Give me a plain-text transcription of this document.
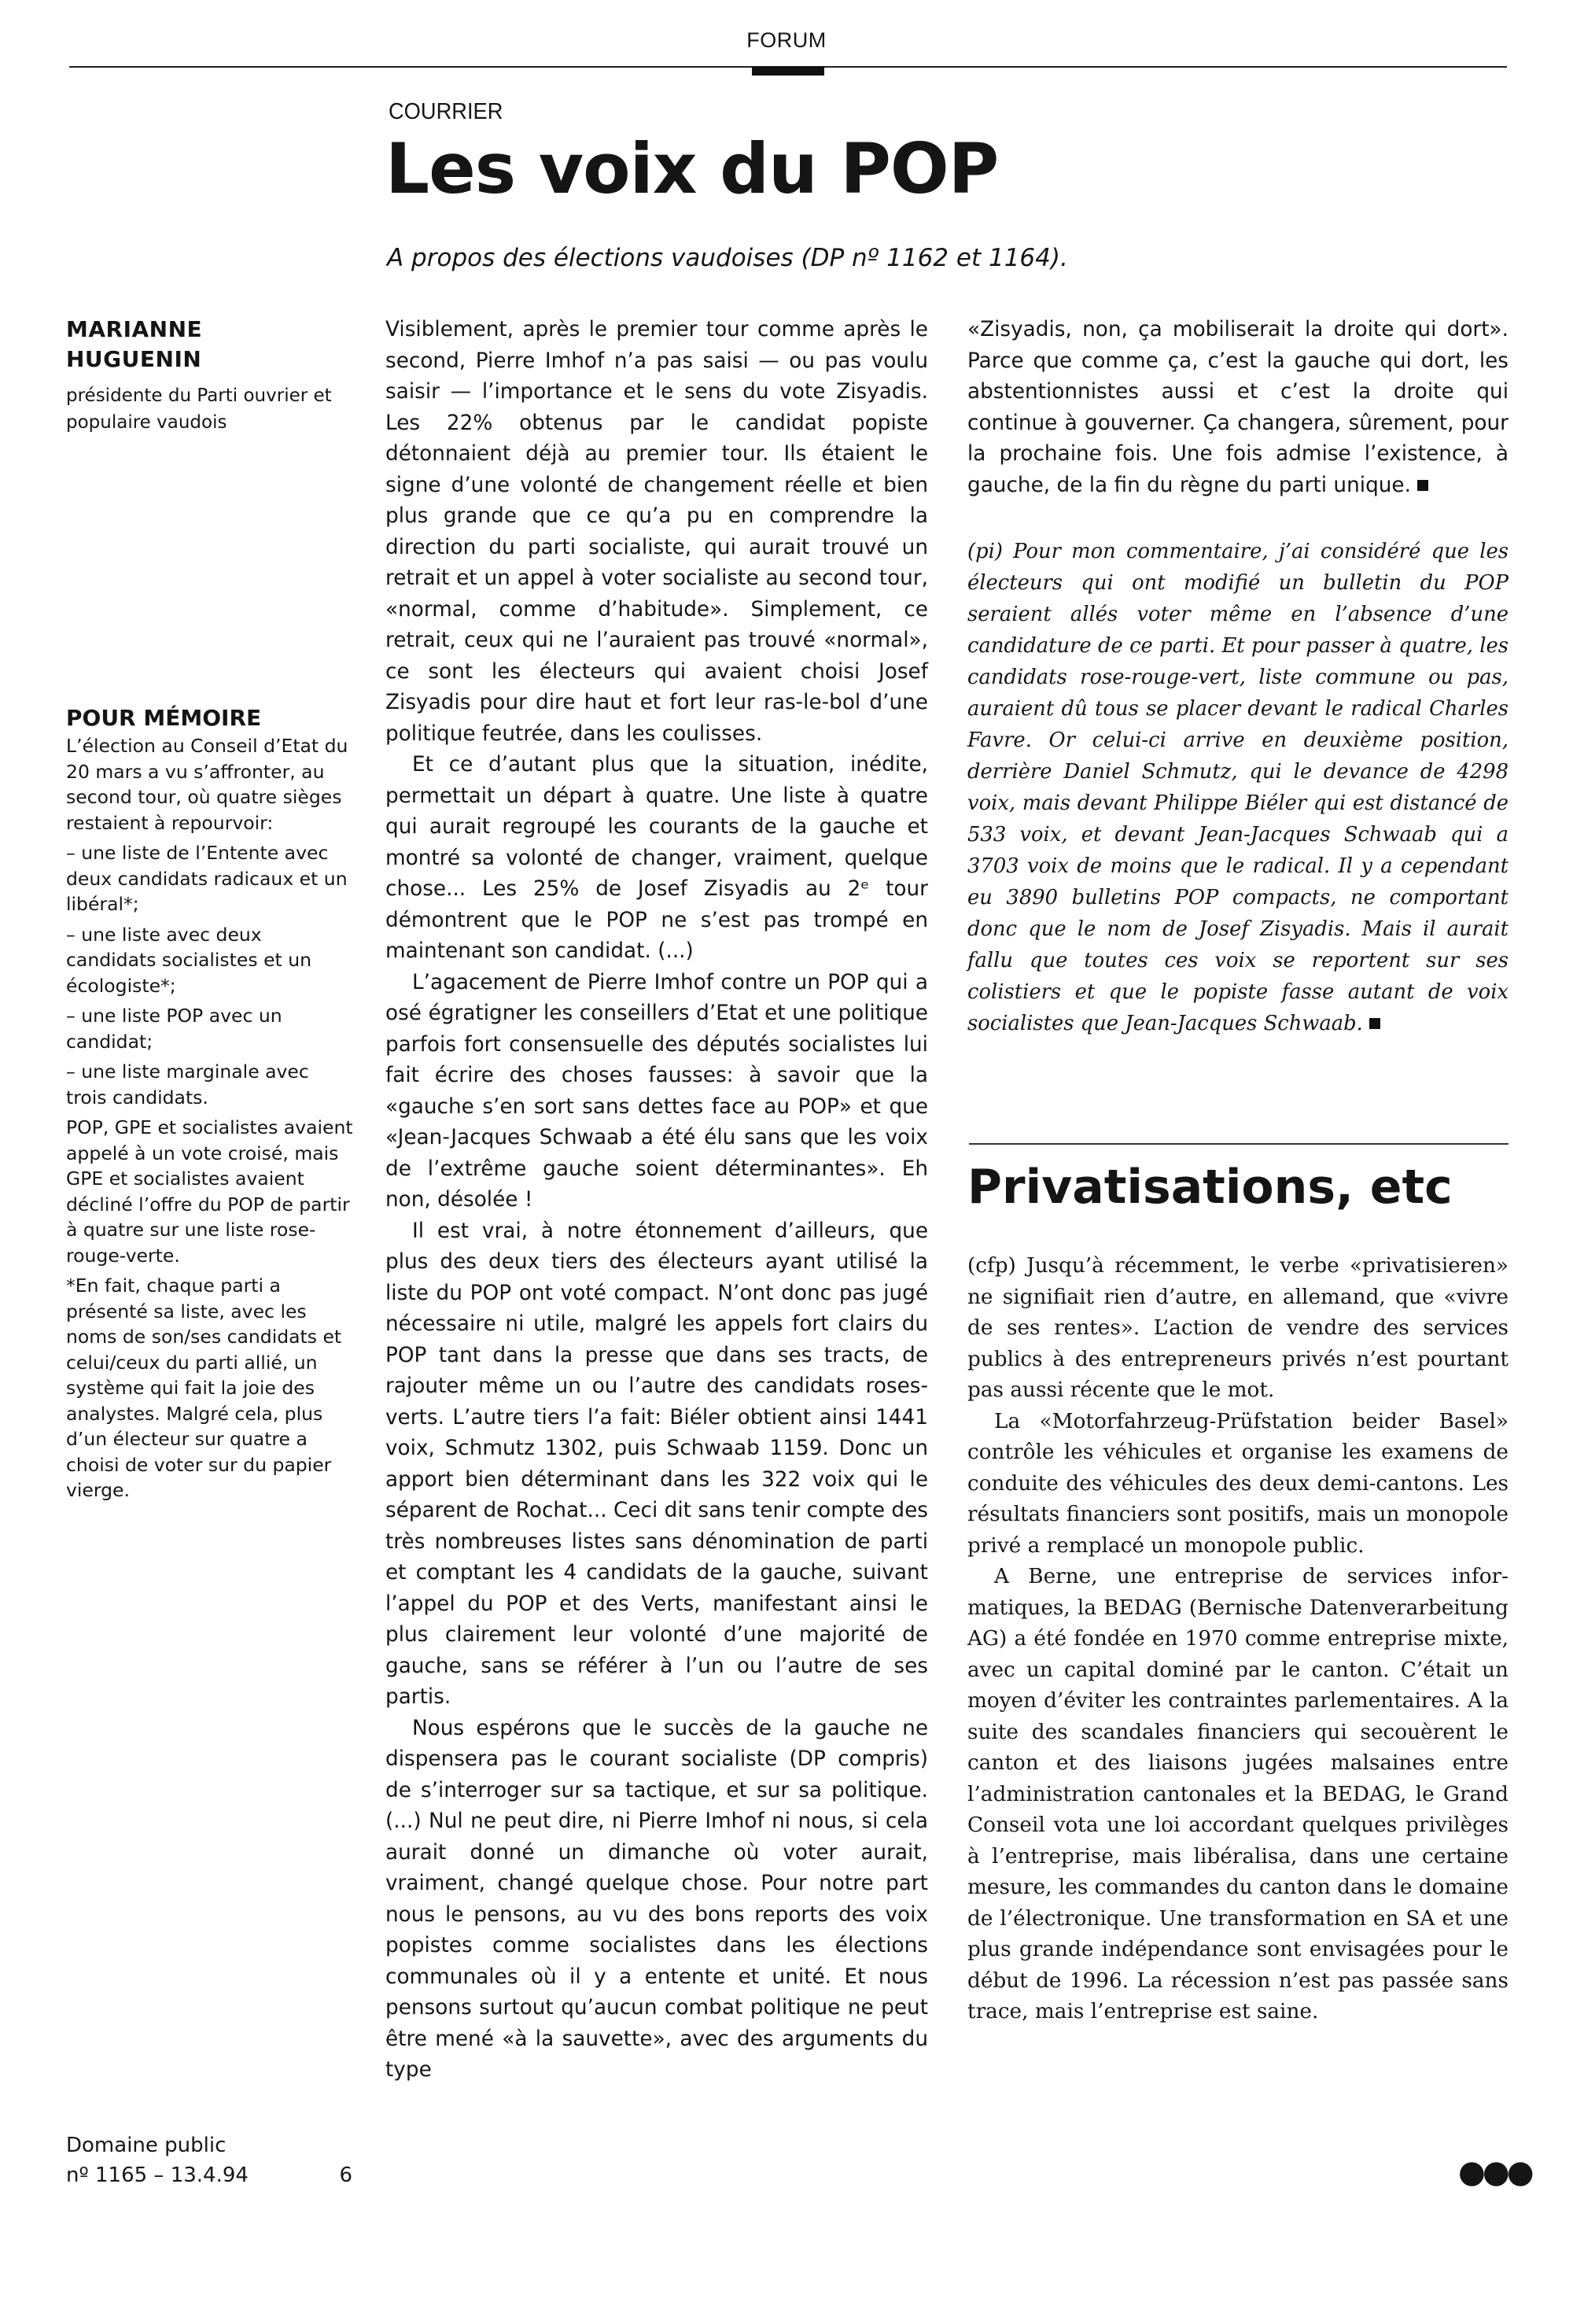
FORUM
COURRIER
Les voix du POP
A propos des élections vaudoises (DP nº 1162 et 1164).
MARIANNE
HUGUENIN
présidente du Parti ouvrier et populaire vaudois
POUR MÉMOIRE

L’élection au Conseil d’Etat du 20 mars a vu s’affronter, au second tour, où quatre sièges restaient à repourvoir:

– une liste de l’Entente avec deux candidats radicaux et un libéral*;

– une liste avec deux candidats socialistes et un écologiste*;

– une liste POP avec un candidat;

– une liste marginale avec trois candidats.

POP, GPE et socialistes avaient appelé à un vote croisé, mais GPE et socialistes avaient décliné l’offre du POP de partir à quatre sur une liste rose-rouge-verte.

*En fait, chaque parti a présenté sa liste, avec les noms de son/ses candidats et celui/ceux du parti allié, un système qui fait la joie des analystes. Malgré cela, plus d’un électeur sur quatre a choisi de voter sur du papier vierge.

Domaine public
nº 1165 – 13.4.94	6

Visiblement, après le premier tour comme après le second, Pierre Imhof n’a pas saisi — ou pas voulu saisir — l’importance et le sens du vote Zisyadis. Les 22% obtenus par le candidat popiste détonnaient déjà au premier tour. Ils étaient le signe d’une volonté de changement réelle et bien plus grande que ce qu’a pu en comprendre la direction du parti socialiste, qui aurait trouvé un retrait et un appel à voter socialiste au second tour, «normal, comme d’habitude». Simplement, ce retrait, ceux qui ne l’auraient pas trouvé «normal», ce sont les électeurs qui avaient choisi Josef Zisyadis pour dire haut et fort leur ras-le-bol d’une politique feutrée, dans les coulisses.

Et ce d’autant plus que la situation, inédite, permettait un départ à quatre. Une liste à quatre qui aurait regroupé les courants de la gauche et montré sa volonté de changer, vraiment, quelque chose... Les 25% de Josef Zisyadis au 2ᵉ tour démontrent que le POP ne s’est pas trompé en maintenant son candidat. (...)

L’agacement de Pierre Imhof contre un POP qui a osé égratigner les conseillers d’Etat et une politique parfois fort consensuelle des députés socialistes lui fait écrire des choses fausses: à savoir que la «gauche s’en sort sans dettes face au POP» et que «Jean-Jacques Schwaab a été élu sans que les voix de l’extrême gauche soient déterminantes». Eh non, désolée !

Il est vrai, à notre étonnement d’ailleurs, que plus des deux tiers des électeurs ayant utilisé la liste du POP ont voté compact. N’ont donc pas jugé nécessaire ni utile, malgré les appels fort clairs du POP tant dans la presse que dans ses tracts, de rajouter même un ou l’autre des candidats roses-verts. L’autre tiers l’a fait: Biéler obtient ainsi 1441 voix, Schmutz 1302, puis Schwaab 1159. Donc un apport bien déterminant dans les 322 voix qui le séparent de Rochat... Ceci dit sans tenir compte des très nombreuses listes sans dénomination de parti et comptant les 4 candidats de la gauche, suivant l’appel du POP et des Verts, manifestant ainsi le plus clairement leur volonté d’une majorité de gauche, sans se référer à l’un ou l’autre de ses partis.

Nous espérons que le succès de la gauche ne dispensera pas le courant socialiste (DP compris) de s’interroger sur sa tactique, et sur sa politique. (...) Nul ne peut dire, ni Pierre Imhof ni nous, si cela aurait donné un dimanche où voter aurait, vraiment, changé quelque chose. Pour notre part nous le pensons, au vu des bons reports des voix popistes comme socialistes dans les élections communales où il y a entente et unité. Et nous pensons surtout qu’aucun combat politique ne peut être mené «à la sauvette», avec des arguments du type

«Zisyadis, non, ça mobiliserait la droite qui dort». Parce que comme ça, c’est la gauche qui dort, les abstentionnistes aussi et c’est la droite qui continue à gouverner. Ça changera, sûrement, pour la prochaine fois. Une fois admise l’existence, à gauche, de la fin du règne du parti unique.

(pi) Pour mon commentaire, j’ai considéré que les électeurs qui ont modifié un bulletin du POP seraient allés voter même en l’absence d’une candidature de ce parti. Et pour passer à quatre, les candidats rose-rouge-vert, liste commune ou pas, auraient dû tous se placer devant le radical Charles Favre. Or celui-ci arrive en deuxième position, derrière Daniel Schmutz, qui le devance de 4298 voix, mais devant Philippe Biéler qui est distancé de 533 voix, et devant Jean-Jacques Schwaab qui a 3703 voix de moins que le radical. Il y a cependant eu 3890 bulletins POP compacts, ne comportant donc que le nom de Josef Zisyadis. Mais il aurait fallu que toutes ces voix se reportent sur ses colistiers et que le popiste fasse autant de voix socialistes que Jean-Jacques Schwaab.

Privatisations, etc

(cfp) Jusqu’à récemment, le verbe «privatisieren» ne signifiait rien d’autre, en allemand, que «vivre de ses rentes». L’action de vendre des services publics à des entrepreneurs privés n’est pourtant pas aussi récente que le mot.

La «Motorfahrzeug-Prüfstation beider Basel» contrôle les véhicules et organise les examens de conduite des véhicules des deux demi-cantons. Les résultats financiers sont positifs, mais un monopole privé a remplacé un monopole public.

A Berne, une entreprise de services informatiques, la BEDAG (Bernische Datenverarbeitung AG) a été fondée en 1970 comme entreprise mixte, avec un capital dominé par le canton. C’était un moyen d’éviter les contraintes parlementaires. A la suite des scandales financiers qui secouèrent le canton et des liaisons jugées malsaines entre l’administration cantonales et la BEDAG, le Grand Conseil vota une loi accordant quelques privilèges à l’entreprise, mais libéralisa, dans une certaine mesure, les commandes du canton dans le domaine de l’électronique. Une transformation en SA et une plus grande indépendance sont envisagées pour le début de 1996. La récession n’est pas passée sans trace, mais l’entreprise est saine.

●●●
